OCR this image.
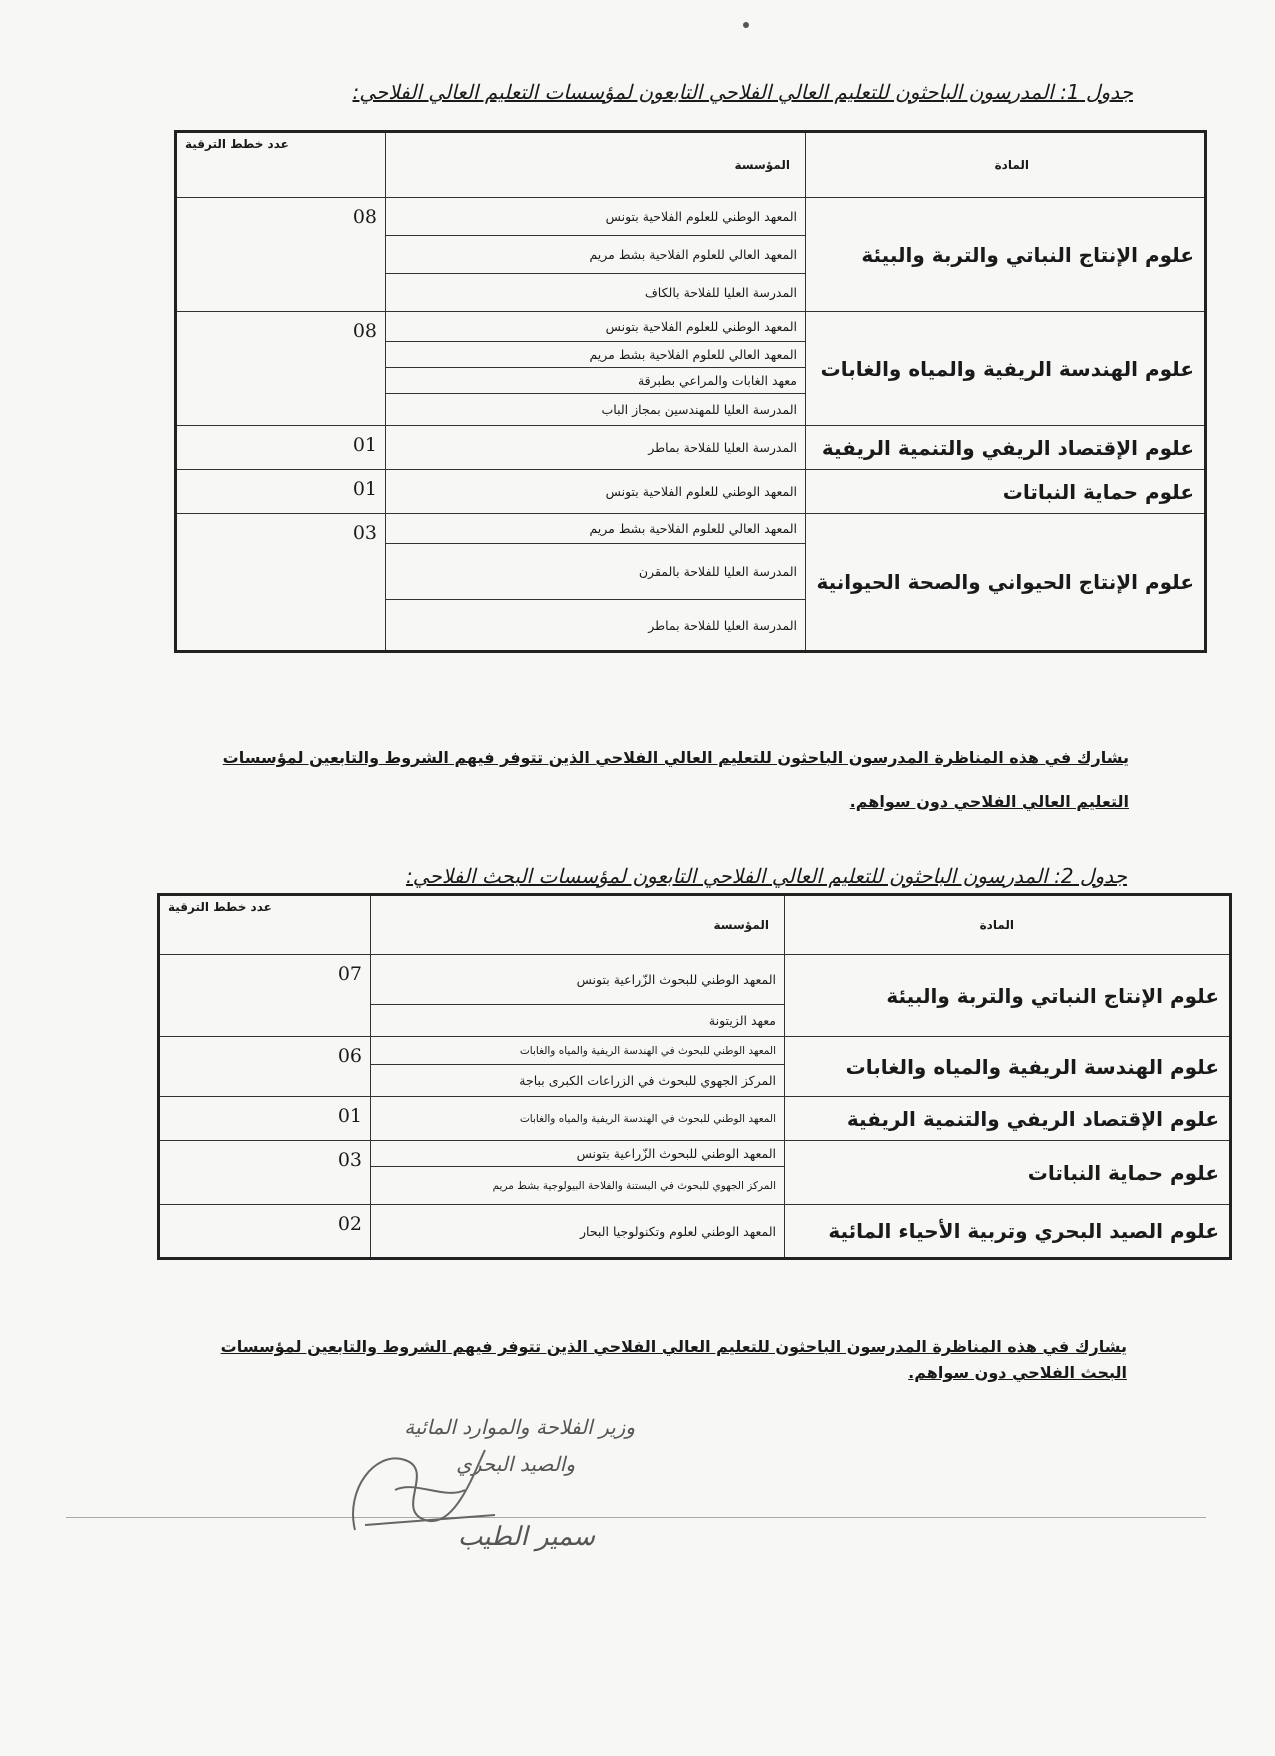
جدول 1: المدرسون الباحثون للتعليم العالي الفلاحي التابعون لمؤسسات التعليم العالي الفلاحي:
المادة	المؤسسة	عدد خطط الترقية
علوم الإنتاج النباتي والتربة والبيئة	المعهد الوطني للعلوم الفلاحية بتونس	08
	المعهد العالي للعلوم الفلاحية بشط مريم	
	المدرسة العليا للفلاحة بالكاف	
علوم الهندسة الريفية والمياه والغابات	المعهد الوطني للعلوم الفلاحية بتونس	08
	المعهد العالي للعلوم الفلاحية بشط مريم	
	معهد الغابات والمراعي بطبرقة	
	المدرسة العليا للمهندسين بمجاز الباب	
علوم الإقتصاد الريفي والتنمية الريفية	المدرسة العليا للفلاحة بماطر	01
علوم حماية النباتات	المعهد الوطني للعلوم الفلاحية بتونس	01
علوم الإنتاج الحيواني والصحة الحيوانية	المعهد العالي للعلوم الفلاحية بشط مريم	03
	المدرسة العليا للفلاحة بالمقرن	
	المدرسة العليا للفلاحة بماطر	
يشارك في هذه المناظرة المدرسون الباحثون للتعليم العالي الفلاحي الذين تتوفر فيهم الشروط والتابعين لمؤسسات التعليم العالي الفلاحي دون سواهم.
جدول 2: المدرسون الباحثون للتعليم العالي الفلاحي التابعون لمؤسسات البحث الفلاحي:
المادة	المؤسسة	عدد خطط الترقية
علوم الإنتاج النباتي والتربة والبيئة	المعهد الوطني للبحوث الزّراعية بتونس	07
	معهد الزيتونة	
علوم الهندسة الريفية والمياه والغابات	المعهد الوطني للبحوث في الهندسة الريفية والمياه والغابات	06
	المركز الجهوي للبحوث في الزراعات الكبرى بباجة	
علوم الإقتصاد الريفي والتنمية الريفية	المعهد الوطني للبحوث في الهندسة الريفية والمياه والغابات	01
علوم حماية النباتات	المعهد الوطني للبحوث الزّراعية بتونس	03
	المركز الجهوي للبحوث في البستنة والفلاحة البيولوجية بشط مريم	
علوم الصيد البحري وتربية الأحياء المائية	المعهد الوطني لعلوم وتكنولوجيا البحار	02
يشارك في هذه المناظرة المدرسون الباحثون للتعليم العالي الفلاحي الذين تتوفر فيهم الشروط والتابعين لمؤسسات البحث الفلاحي دون سواهم.
وزير الفلاحة والموارد المائية
والصيد البحري
سمير الطيب
